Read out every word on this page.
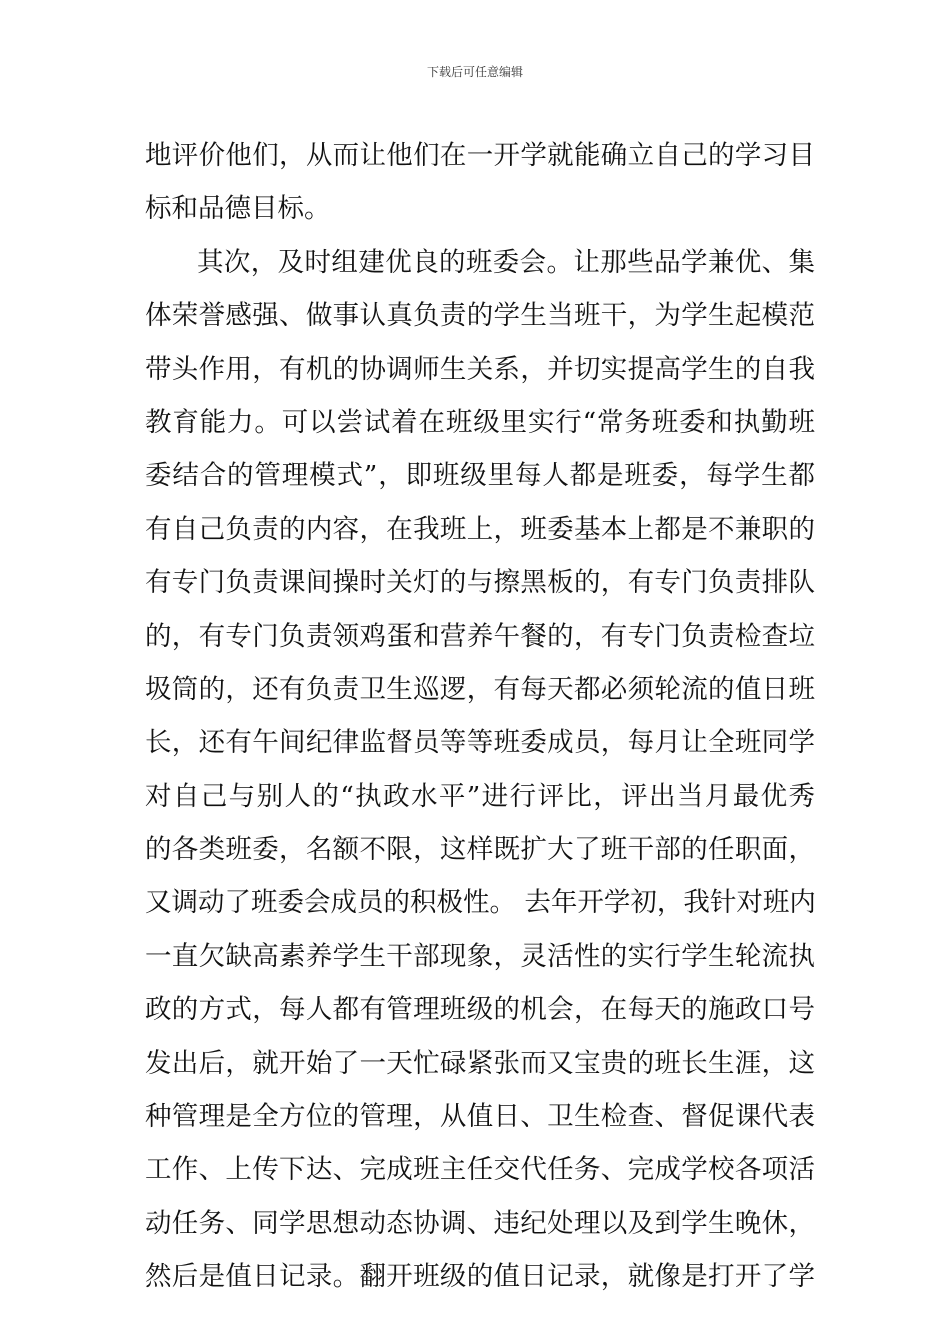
下载后可任意编辑
地评价他们，从而让他们在一开学就能确立自己的学习目
标和品德目标。
其次，及时组建优良的班委会。让那些品学兼优、集
体荣誉感强、做事认真负责的学生当班干，为学生起模范
带头作用，有机的协调师生关系，并切实提高学生的自我
教育能力。可以尝试着在班级里实行“常务班委和执勤班
委结合的管理模式”，即班级里每人都是班委，每学生都
有自己负责的内容，在我班上，班委基本上都是不兼职的
有专门负责课间操时关灯的与擦黑板的，有专门负责排队
的，有专门负责领鸡蛋和营养午餐的，有专门负责检查垃
圾筒的，还有负责卫生巡逻，有每天都必须轮流的值日班
长，还有午间纪律监督员等等班委成员，每月让全班同学
对自己与别人的“执政水平”进行评比，评出当月最优秀
的各类班委，名额不限，这样既扩大了班干部的任职面，
又调动了班委会成员的积极性。 去年开学初，我针对班内
一直欠缺高素养学生干部现象，灵活性的实行学生轮流执
政的方式，每人都有管理班级的机会，在每天的施政口号
发出后，就开始了一天忙碌紧张而又宝贵的班长生涯，这
种管理是全方位的管理，从值日、卫生检查、督促课代表
工作、上传下达、完成班主任交代任务、完成学校各项活
动任务、同学思想动态协调、违纪处理以及到学生晚休，
然后是值日记录。翻开班级的值日记录，就像是打开了学
